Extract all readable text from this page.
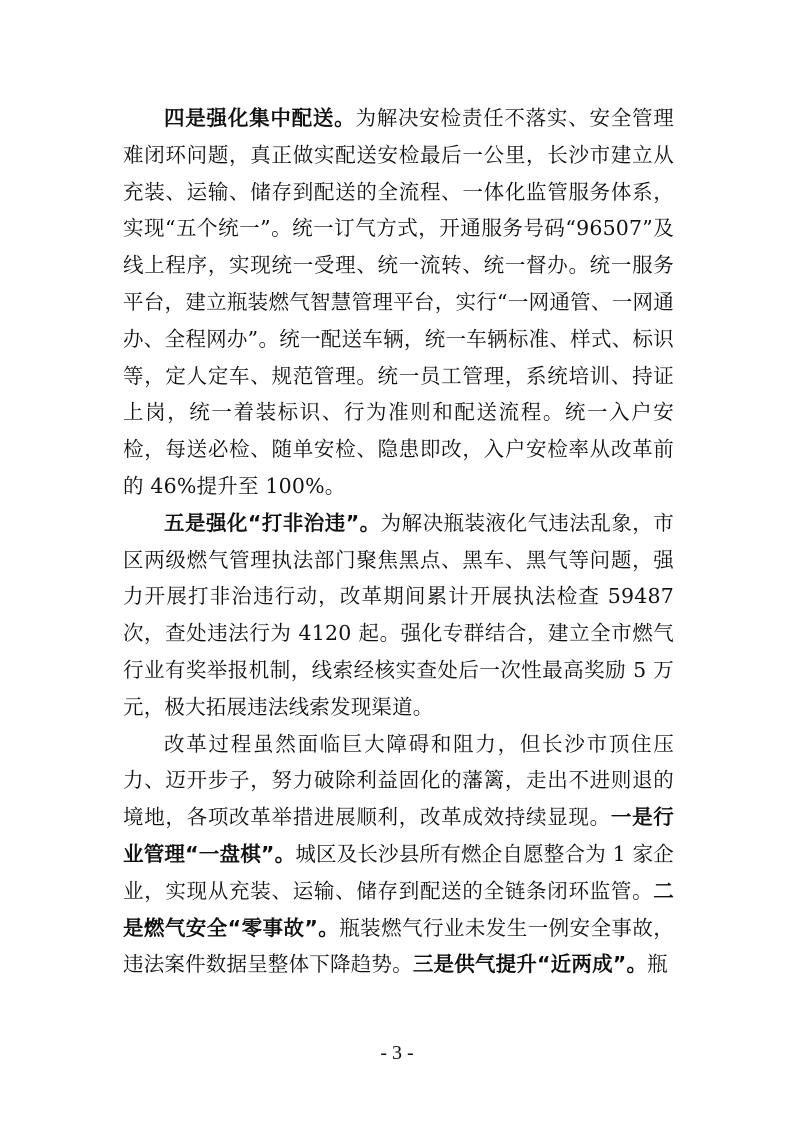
四是强化集中配送。为解决安检责任不落实、安全管理难闭环问题，真正做实配送安检最后一公里，长沙市建立从充装、运输、储存到配送的全流程、一体化监管服务体系，实现“五个统一”。统一订气方式，开通服务号码“96507”及线上程序，实现统一受理、统一流转、统一督办。统一服务平台，建立瓶装燃气智慧管理平台，实行“一网通管、一网通办、全程网办”。统一配送车辆，统一车辆标准、样式、标识等，定人定车、规范管理。统一员工管理，系统培训、持证上岗，统一着装标识、行为准则和配送流程。统一入户安检，每送必检、随单安检、隐患即改，入户安检率从改革前的 46%提升至 100%。

五是强化“打非治违”。为解决瓶装液化气违法乱象，市区两级燃气管理执法部门聚焦黑点、黑车、黑气等问题，强力开展打非治违行动，改革期间累计开展执法检查 59487 次，查处违法行为 4120 起。强化专群结合，建立全市燃气行业有奖举报机制，线索经核实查处后一次性最高奖励 5 万元，极大拓展违法线索发现渠道。

改革过程虽然面临巨大障碍和阻力，但长沙市顶住压力、迈开步子，努力破除利益固化的藩篱，走出不进则退的境地，各项改革举措进展顺利，改革成效持续显现。一是行业管理“一盘棋”。城区及长沙县所有燃企自愿整合为 1 家企业，实现从充装、运输、储存到配送的全链条闭环监管。二是燃气安全“零事故”。瓶装燃气行业未发生一例安全事故，违法案件数据呈整体下降趋势。三是供气提升“近两成”。瓶

- 3 -
